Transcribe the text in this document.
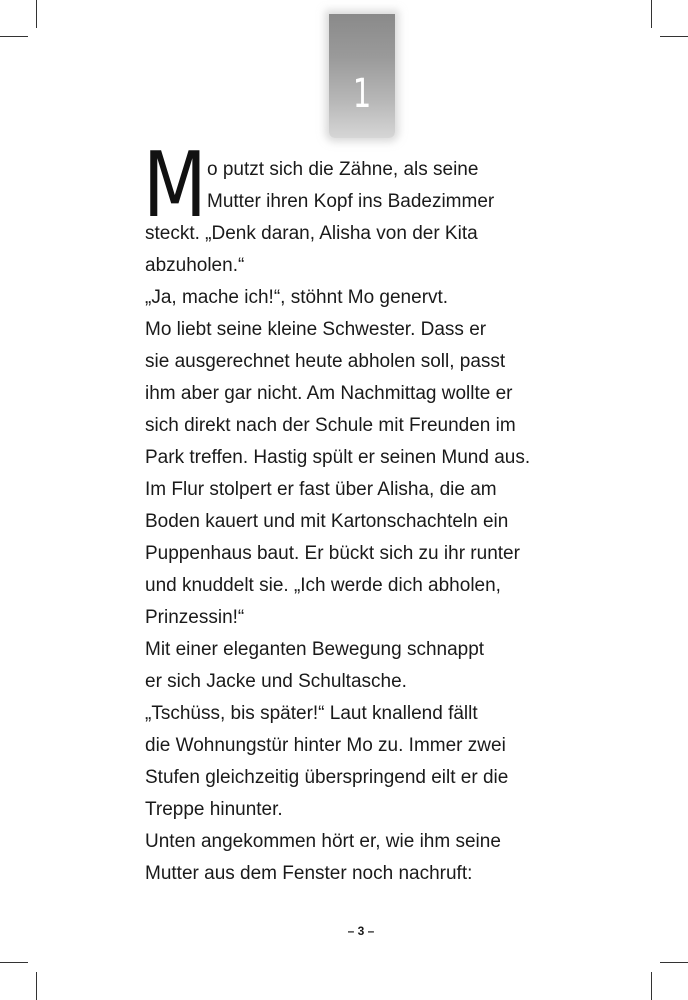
1
M o putzt sich die Zähne, als seine
Mutter ihren Kopf ins Badezimmer
steckt. „Denk daran, Alisha von der Kita
abzuholen.“
„Ja, mache ich!“, stöhnt Mo genervt.
Mo liebt seine kleine Schwester. Dass er
sie ausgerechnet heute abholen soll, passt
ihm aber gar nicht. Am Nachmittag wollte er
sich direkt nach der Schule mit Freunden im
Park treffen. Hastig spült er seinen Mund aus.
Im Flur stolpert er fast über Alisha, die am
Boden kauert und mit Kartonschachteln ein
Puppenhaus baut. Er bückt sich zu ihr runter
und knuddelt sie. „Ich werde dich abholen,
Prinzessin!“
Mit einer eleganten Bewegung schnappt
er sich Jacke und Schultasche.
„Tschüss, bis später!“ Laut knallend fällt
die Wohnungstür hinter Mo zu. Immer zwei
Stufen gleichzeitig überspringend eilt er die
Treppe hinunter.
Unten angekommen hört er, wie ihm seine
Mutter aus dem Fenster noch nachruft:
– 3 –
